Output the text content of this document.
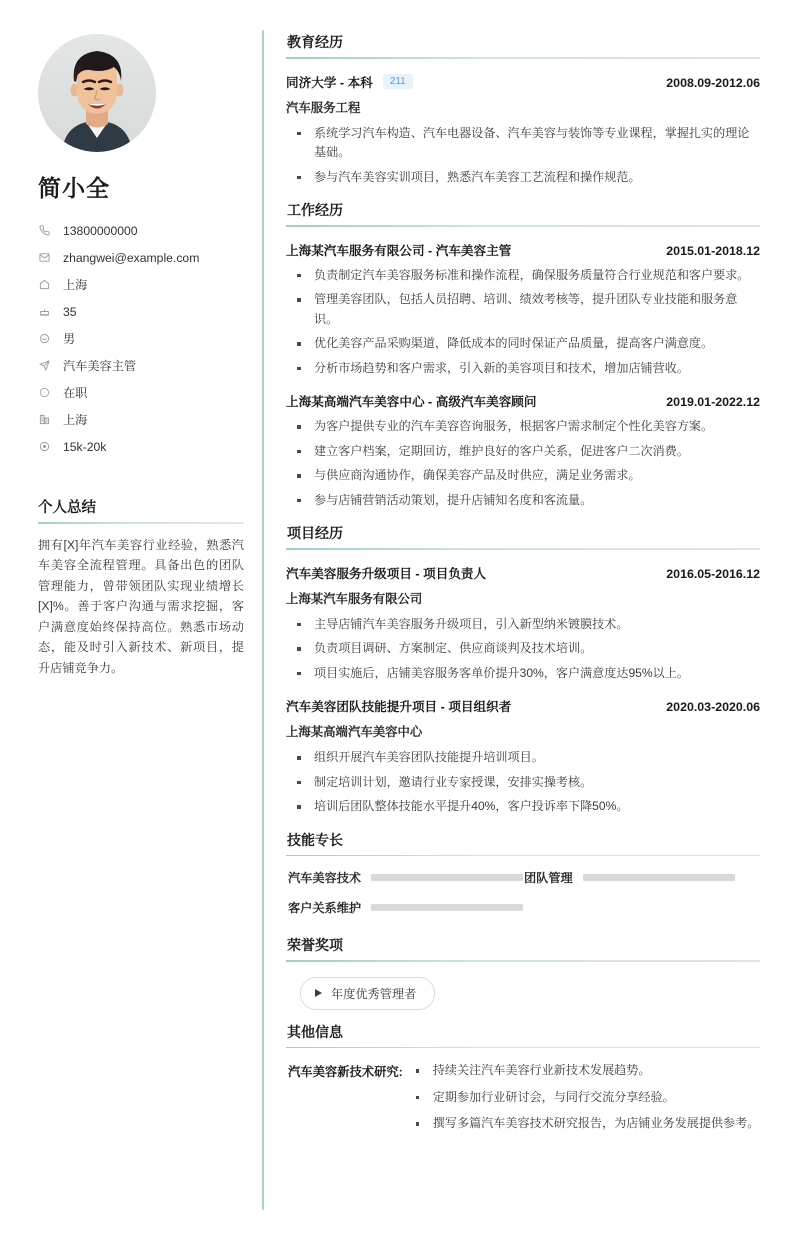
简小全
13800000000
zhangwei@example.com
上海
35
男
汽车美容主管
在职
上海
15k-20k
个人总结
拥有[X]年汽车美容行业经验，熟悉汽车美容全流程管理。具备出色的团队管理能力，曾带领团队实现业绩增长[X]%。善于客户沟通与需求挖掘，客户满意度始终保持高位。熟悉市场动态，能及时引入新技术、新项目，提升店铺竞争力。
教育经历
同济大学 - 本科	211	2008.09-2012.06
汽车服务工程
系统学习汽车构造、汽车电器设备、汽车美容与装饰等专业课程，掌握扎实的理论基础。
参与汽车美容实训项目，熟悉汽车美容工艺流程和操作规范。
工作经历
上海某汽车服务有限公司 - 汽车美容主管	2015.01-2018.12
负责制定汽车美容服务标准和操作流程，确保服务质量符合行业规范和客户要求。
管理美容团队，包括人员招聘、培训、绩效考核等，提升团队专业技能和服务意识。
优化美容产品采购渠道，降低成本的同时保证产品质量，提高客户满意度。
分析市场趋势和客户需求，引入新的美容项目和技术，增加店铺营收。
上海某高端汽车美容中心 - 高级汽车美容顾问	2019.01-2022.12
为客户提供专业的汽车美容咨询服务，根据客户需求制定个性化美容方案。
建立客户档案，定期回访，维护良好的客户关系，促进客户二次消费。
与供应商沟通协作，确保美容产品及时供应，满足业务需求。
参与店铺营销活动策划，提升店铺知名度和客流量。
项目经历
汽车美容服务升级项目 - 项目负责人	2016.05-2016.12
上海某汽车服务有限公司
主导店铺汽车美容服务升级项目，引入新型纳米镀膜技术。
负责项目调研、方案制定、供应商谈判及技术培训。
项目实施后，店铺美容服务客单价提升30%，客户满意度达95%以上。
汽车美容团队技能提升项目 - 项目组织者	2020.03-2020.06
上海某高端汽车美容中心
组织开展汽车美容团队技能提升培训项目。
制定培训计划，邀请行业专家授课，安排实操考核。
培训后团队整体技能水平提升40%，客户投诉率下降50%。
技能专长
汽车美容技术	团队管理
客户关系维护
荣誉奖项
年度优秀管理者
其他信息
汽车美容新技术研究:	持续关注汽车美容行业新技术发展趋势。
定期参加行业研讨会，与同行交流分享经验。
撰写多篇汽车美容技术研究报告，为店铺业务发展提供参考。
